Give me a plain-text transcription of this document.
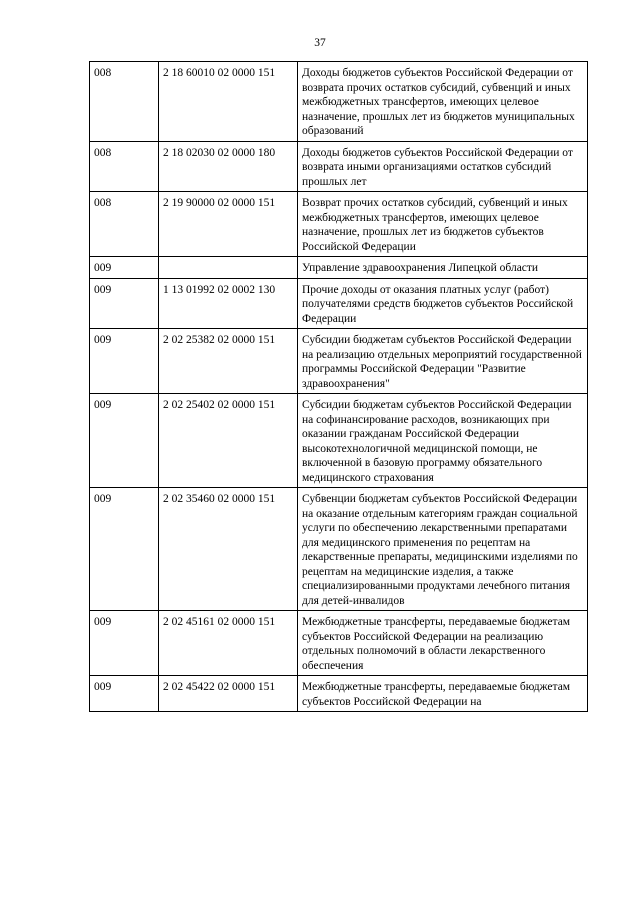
37
008	2 18 60010 02 0000 151	Доходы бюджетов субъектов Российской Федерации от возврата прочих остатков субсидий, субвенций и иных межбюджетных трансфертов, имеющих целевое назначение, прошлых лет из бюджетов муниципальных образований
008	2 18 02030 02 0000 180	Доходы бюджетов субъектов Российской Федерации от возврата иными организациями остатков субсидий прошлых лет
008	2 19 90000 02 0000 151	Возврат прочих остатков субсидий, субвенций и иных межбюджетных трансфертов, имеющих целевое назначение, прошлых лет из бюджетов субъектов Российской Федерации
009		Управление здравоохранения Липецкой области
009	1 13 01992 02 0002 130	Прочие доходы от оказания платных услуг (работ) получателями средств бюджетов субъектов Российской Федерации
009	2 02 25382 02 0000 151	Субсидии бюджетам субъектов Российской Федерации на реализацию отдельных мероприятий государственной программы Российской Федерации "Развитие здравоохранения"
009	2 02 25402 02 0000 151	Субсидии бюджетам субъектов Российской Федерации на софинансирование расходов, возникающих при оказании гражданам Российской Федерации высокотехнологичной медицинской помощи, не включенной в базовую программу обязательного медицинского страхования
009	2 02 35460 02 0000 151	Субвенции бюджетам субъектов Российской Федерации на оказание отдельным категориям граждан социальной услуги по обеспечению лекарственными препаратами для медицинского применения по рецептам на лекарственные препараты, медицинскими изделиями по рецептам на медицинские изделия, а также специализированными продуктами лечебного питания для детей-инвалидов
009	2 02 45161 02 0000 151	Межбюджетные трансферты, передаваемые бюджетам субъектов Российской Федерации на реализацию отдельных полномочий в области лекарственного обеспечения
009	2 02 45422 02 0000 151	Межбюджетные трансферты, передаваемые бюджетам субъектов Российской Федерации на
